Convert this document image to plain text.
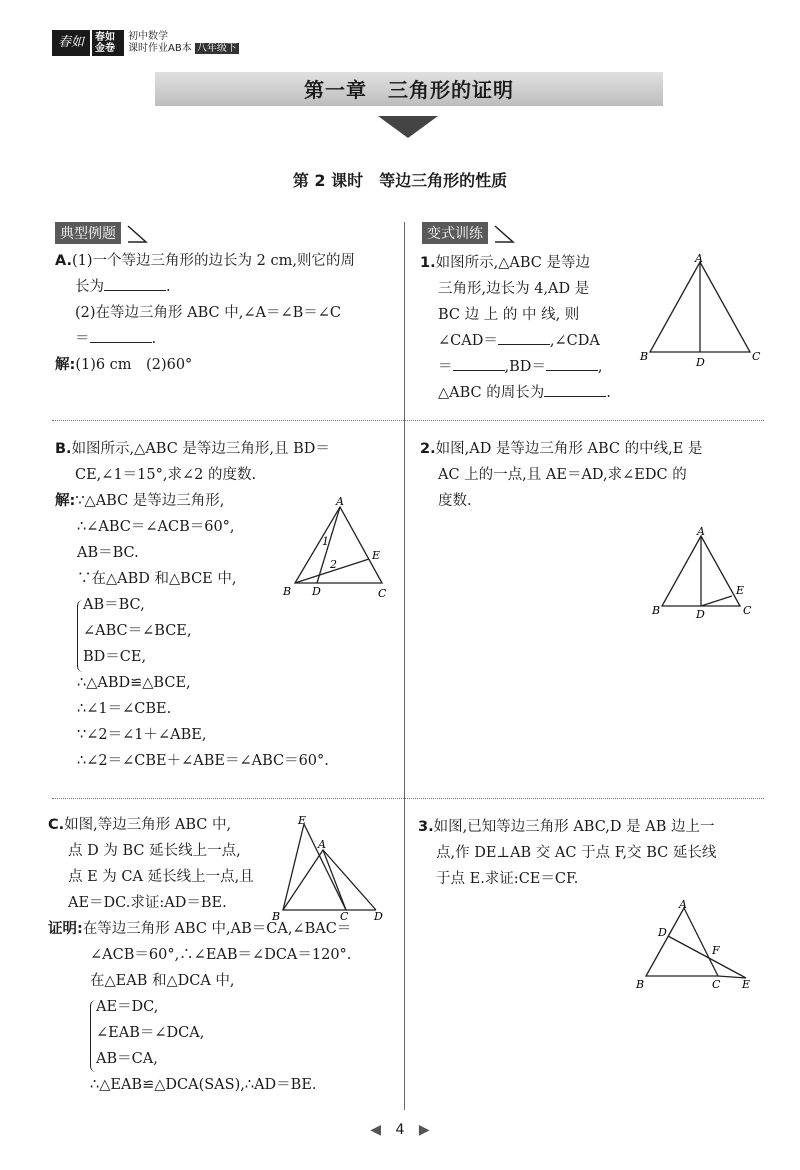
春如	春如
金卷
初中数学
课时作业AB本 八年级下
第一章　三角形的证明
第 2 课时　等边三角形的性质
典型例题	变式训练
A.(1)一个等边三角形的边长为 2 cm,则它的周
长为	.
(2)在等边三角形 ABC 中,∠A＝∠B＝∠C
＝	.
解:(1)6 cm　(2)60°
B.如图所示,△ABC 是等边三角形,且 BD＝
CE,∠1＝15°,求∠2 的度数.
解:∵△ABC 是等边三角形,
∴∠ABC＝∠ACB＝60°,
AB＝BC.
∵在△ABD 和△BCE 中,
AB＝BC,
∠ABC＝∠BCE,
BD＝CE,
∴△ABD≌△BCE,
∴∠1＝∠CBE.
∵∠2＝∠1＋∠ABE,
∴∠2＝∠CBE＋∠ABE＝∠ABC＝60°.
A
1
2
E
B D	C
C.如图,等边三角形 ABC 中,
点 D 为 BC 延长线上一点,
点 E 为 CA 延长线上一点,且
AE＝DC.求证:AD＝BE.
证明:在等边三角形 ABC 中,AB＝CA,∠BAC＝
∠ACB＝60°,∴∠EAB＝∠DCA＝120°.
在△EAB 和△DCA 中,
AE＝DC,
∠EAB＝∠DCA,
AB＝CA,
∴△EAB≌△DCA(SAS),∴AD＝BE.
E
A
B	C D
1.如图所示,△ABC 是等边
三角形,边长为 4,AD 是
BC 边 上 的 中 线, 则
∠CAD＝	,∠CDA
＝	,BD＝	,
△ABC 的周长为	.
A
B	D	C
2.如图,AD 是等边三角形 ABC 的中线,E 是
AC 上的一点,且 AE＝AD,求∠EDC 的
度数.
A
E
B	D	C
3.如图,已知等边三角形 ABC,D 是 AB 边上一
点,作 DE⊥AB 交 AC 于点 F,交 BC 延长线
于点 E.求证:CE＝CF.
A
D
F
B	C E
◀ 4 ▶
